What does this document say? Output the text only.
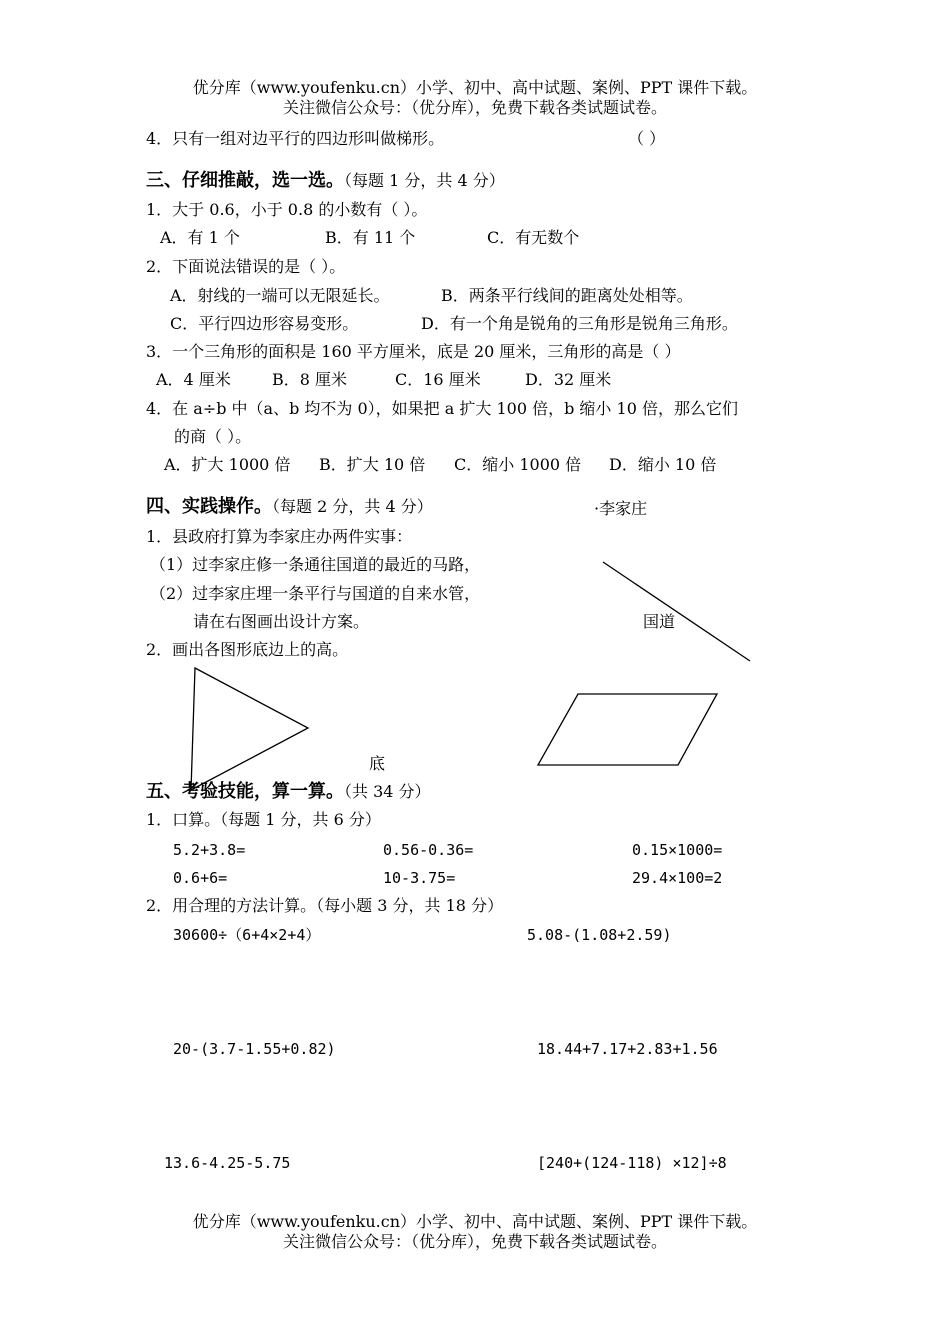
优分库（www.youfenku.cn）小学、初中、高中试题、案例、PPT 课件下载。
关注微信公众号：（优分库），免费下载各类试题试卷。
4．只有一组对边平行的四边形叫做梯形。	（ ）
三、仔细推敲，选一选。（每题 1 分，共 4 分）
1．大于 0.6，小于 0.8 的小数有（ ）。
A．有 1 个	B．有 11 个	C．有无数个
2．下面说法错误的是（ ）。
A．射线的一端可以无限延长。	B．两条平行线间的距离处处相等。
C．平行四边形容易变形。	D．有一个角是锐角的三角形是锐角三角形。
3．一个三角形的面积是 160 平方厘米，底是 20 厘米，三角形的高是（ ）
A．4 厘米	B．8 厘米	C．16 厘米	D．32 厘米
4．在 a÷b 中（a、b 均不为 0），如果把 a 扩大 100 倍，b 缩小 10 倍，那么它们
的商（ ）。
A．扩大 1000 倍 B．扩大 10 倍 C．缩小 1000 倍 D．缩小 10 倍
四、实践操作。（每题 2 分，共 4 分）	·李家庄
1．县政府打算为李家庄办两件实事：
（1）过李家庄修一条通往国道的最近的马路，
（2）过李家庄埋一条平行与国道的自来水管，
请在右图画出设计方案。	国道
2．画出各图形底边上的高。
底
五、考验技能，算一算。（共 34 分）
1．口算。（每题 1 分，共 6 分）
5.2+3.8=	0.56-0.36=	0.15×1000=
0.6+6=	10-3.75=	29.4×100=2
2．用合理的方法计算。（每小题 3 分，共 18 分）
30600÷（6+4×2+4）	5.08-(1.08+2.59)
20-(3.7-1.55+0.82)	18.44+7.17+2.83+1.56
13.6-4.25-5.75	[240+(124-118) ×12]÷8
优分库（www.youfenku.cn）小学、初中、高中试题、案例、PPT 课件下载。
关注微信公众号：（优分库），免费下载各类试题试卷。
